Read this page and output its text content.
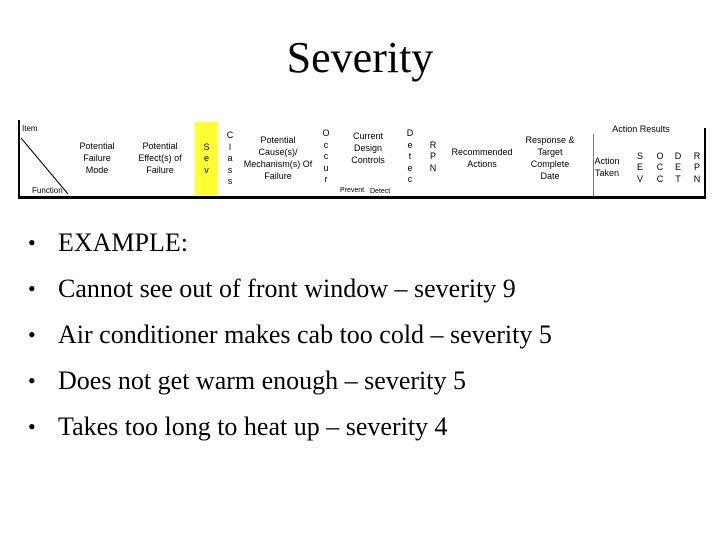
Severity
Item
Function
Potential Failure Mode
Potential Effect(s) of Failure
S
e
v
C
l
a
s
s
Potential Cause(s)/ Mechanism(s) Of Failure
O
c
c
u
r
Current Design Controls
Prevent Detect
D
e
t
e
c
R
P
N
Recommended Actions
Response & Target Complete Date
Action Results
Action Taken
S
E
V
O
C
C
D
E
T
R
P
N
• EXAMPLE:
• Cannot see out of front window – severity 9
• Air conditioner makes cab too cold – severity 5
• Does not get warm enough – severity 5
• Takes too long to heat up – severity 4
